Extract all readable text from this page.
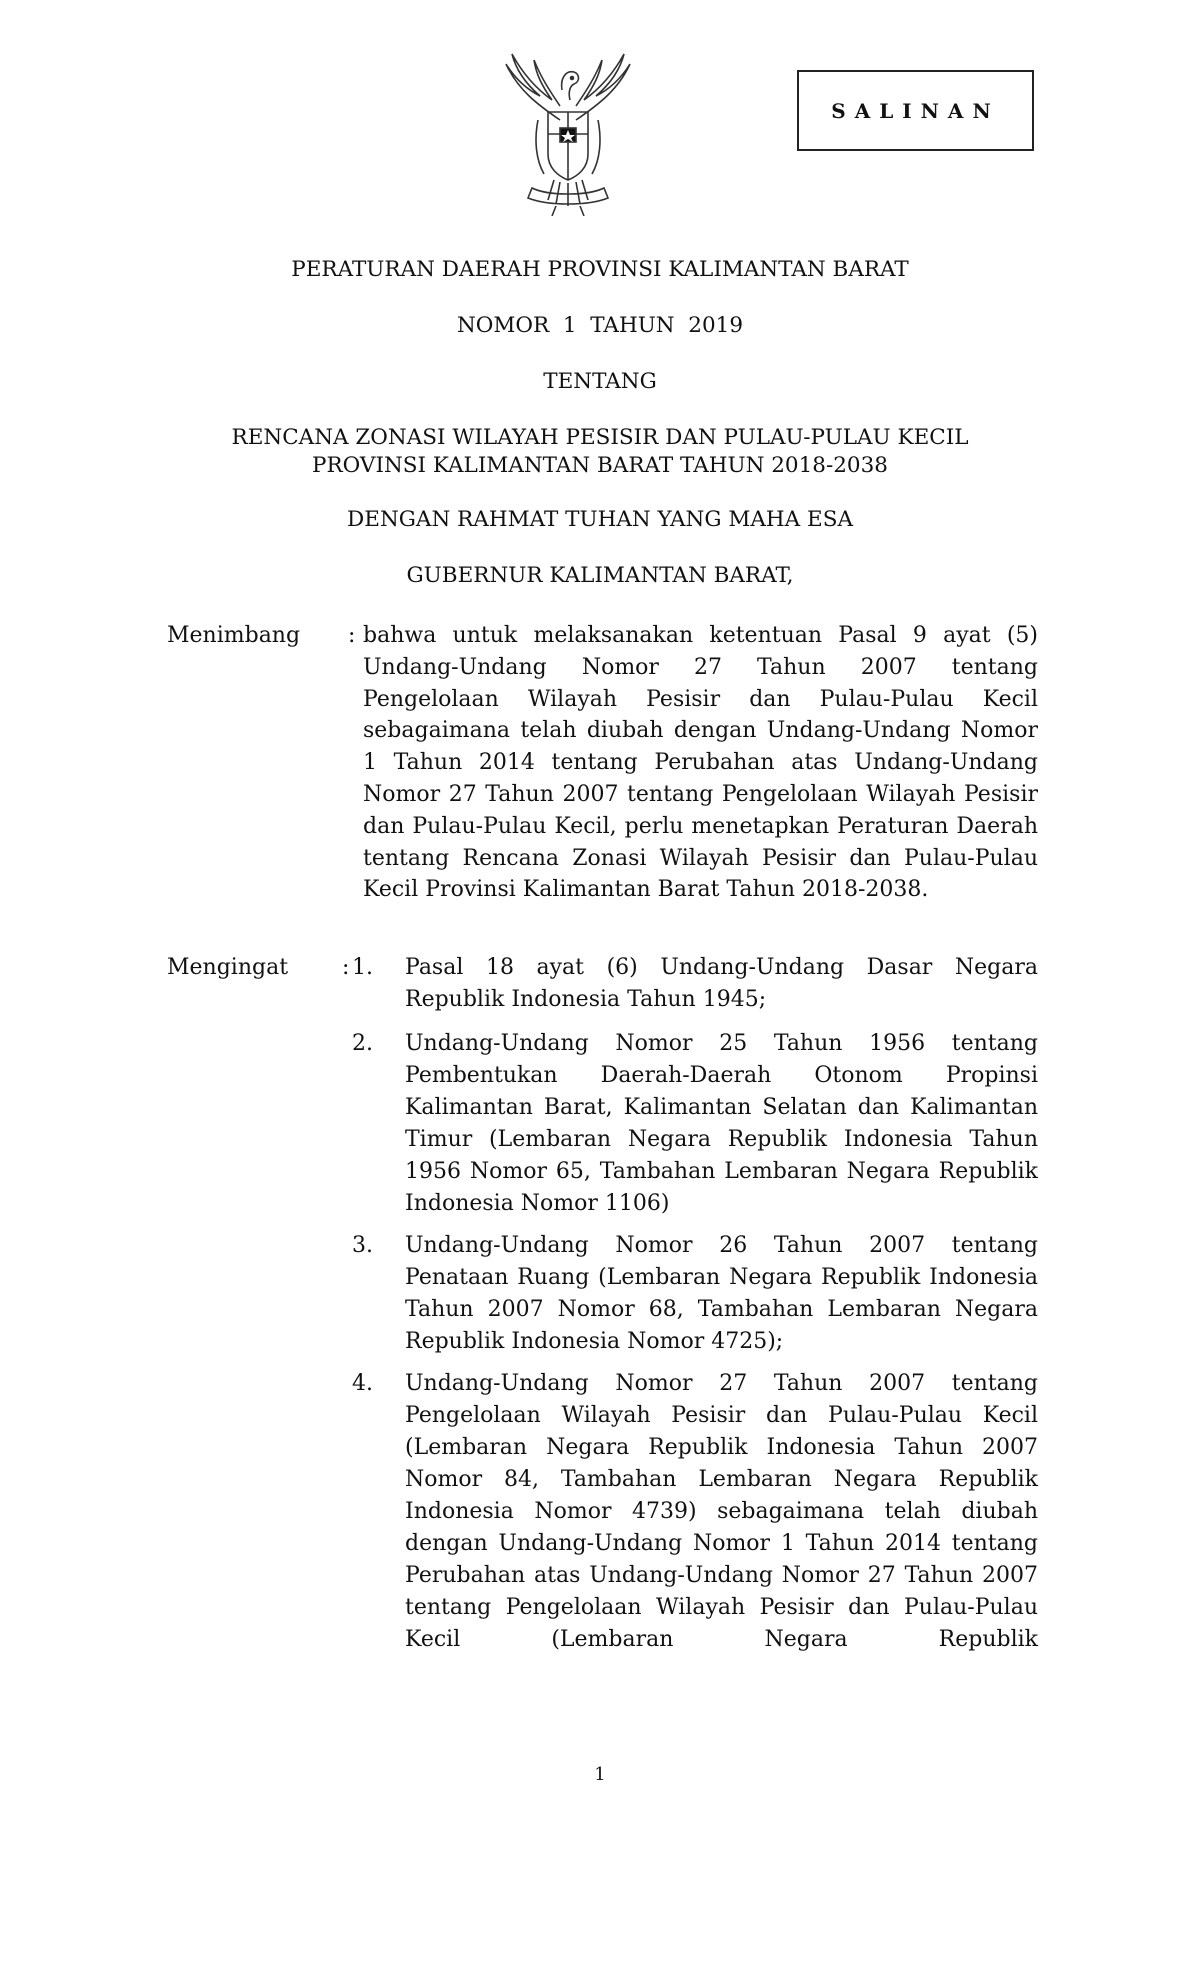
SALINAN
PERATURAN DAERAH PROVINSI KALIMANTAN BARAT
NOMOR  1  TAHUN  2019
TENTANG
RENCANA ZONASI WILAYAH PESISIR DAN PULAU-PULAU KECIL
PROVINSI KALIMANTAN BARAT TAHUN 2018-2038
DENGAN RAHMAT TUHAN YANG MAHA ESA
GUBERNUR KALIMANTAN BARAT,
Menimbang : bahwa untuk melaksanakan ketentuan Pasal 9 ayat (5) Undang-Undang Nomor 27 Tahun 2007 tentang Pengelolaan Wilayah Pesisir dan Pulau-Pulau Kecil sebagaimana telah diubah dengan Undang-Undang Nomor 1 Tahun 2014 tentang Perubahan atas Undang-Undang Nomor 27 Tahun 2007 tentang Pengelolaan Wilayah Pesisir dan Pulau-Pulau Kecil, perlu menetapkan Peraturan Daerah tentang Rencana Zonasi Wilayah Pesisir dan Pulau-Pulau Kecil Provinsi Kalimantan Barat Tahun 2018-2038.
Mengingat : 1. Pasal 18 ayat (6) Undang-Undang Dasar Negara Republik Indonesia Tahun 1945;
2. Undang-Undang Nomor 25 Tahun 1956 tentang Pembentukan Daerah-Daerah Otonom Propinsi Kalimantan Barat, Kalimantan Selatan dan Kalimantan Timur (Lembaran Negara Republik Indonesia Tahun 1956 Nomor 65, Tambahan Lembaran Negara Republik Indonesia Nomor 1106)
3. Undang-Undang Nomor 26 Tahun 2007 tentang Penataan Ruang (Lembaran Negara Republik Indonesia Tahun 2007 Nomor 68, Tambahan Lembaran Negara Republik Indonesia Nomor 4725);
4. Undang-Undang Nomor 27 Tahun 2007 tentang Pengelolaan Wilayah Pesisir dan Pulau-Pulau Kecil (Lembaran Negara Republik Indonesia Tahun 2007 Nomor 84, Tambahan Lembaran Negara Republik Indonesia Nomor 4739) sebagaimana telah diubah dengan Undang-Undang Nomor 1 Tahun 2014 tentang Perubahan atas Undang-Undang Nomor 27 Tahun 2007 tentang Pengelolaan Wilayah Pesisir dan Pulau-Pulau Kecil (Lembaran Negara Republik
1
